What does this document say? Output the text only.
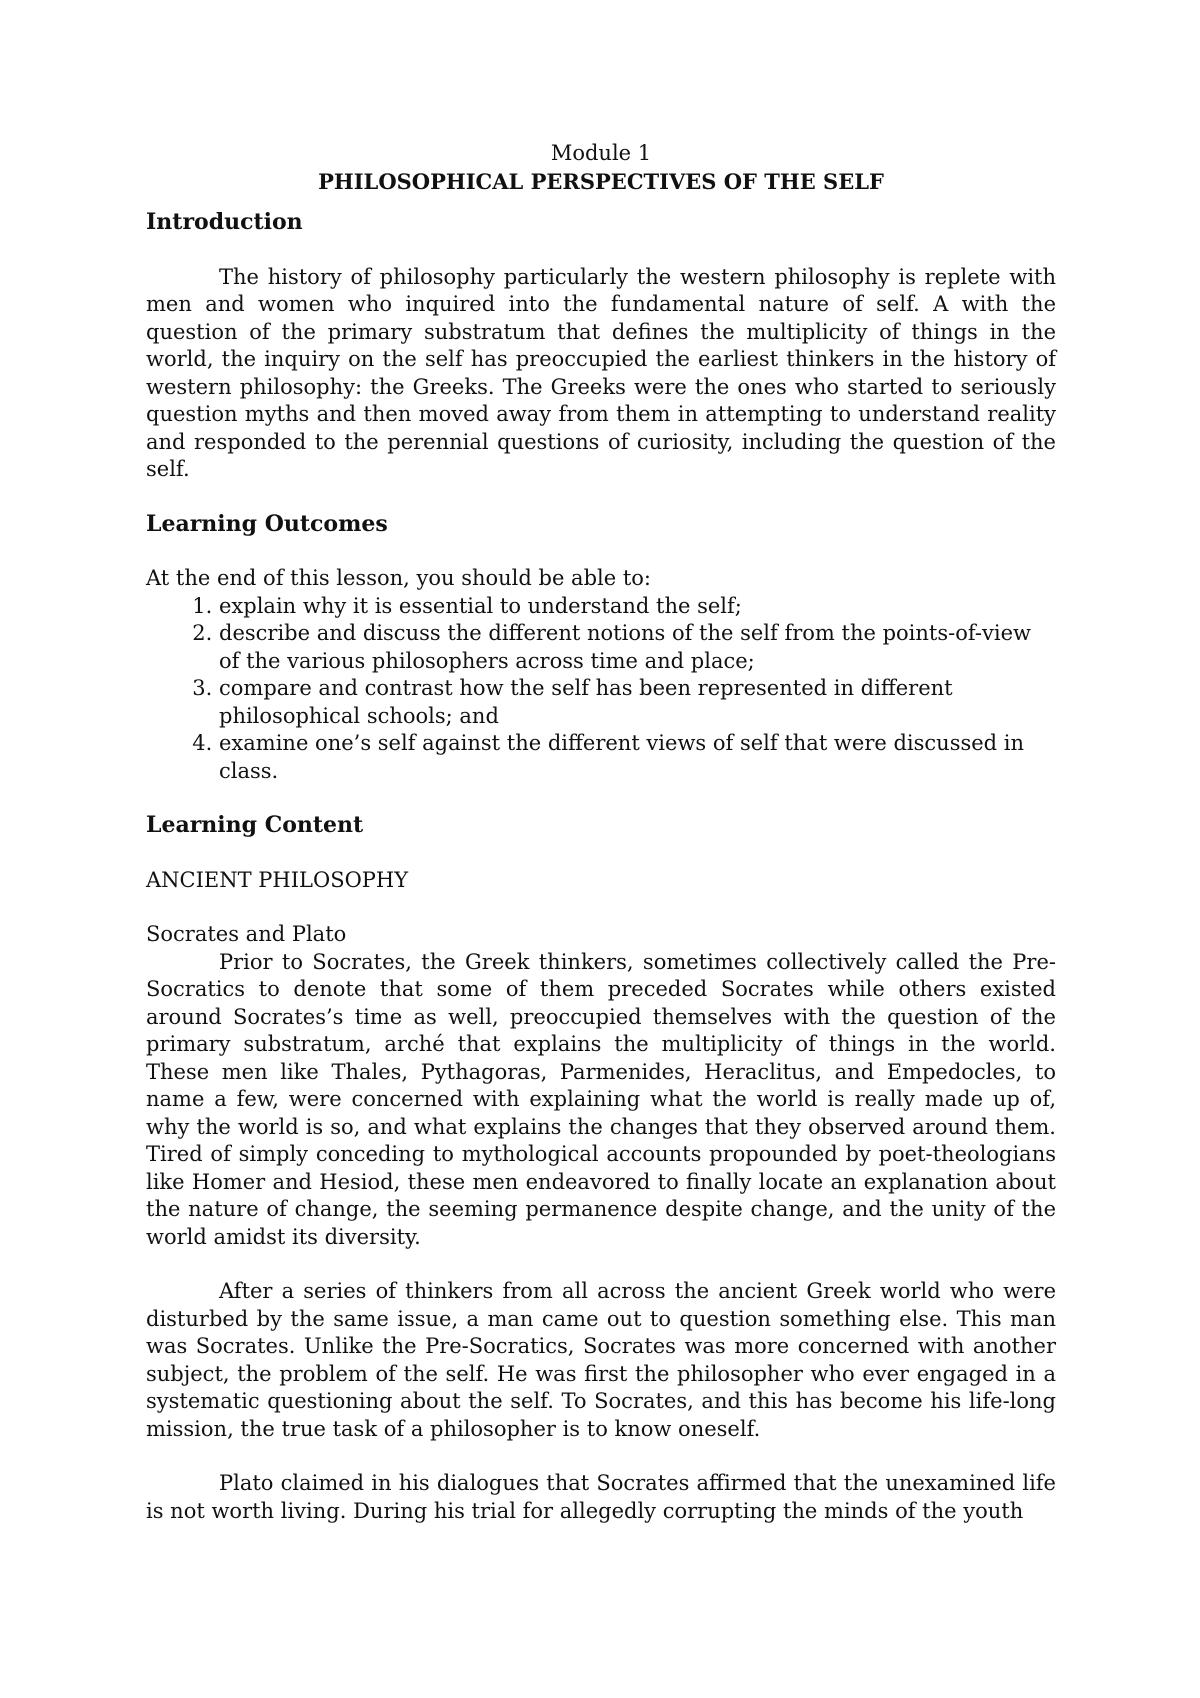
Module 1
PHILOSOPHICAL PERSPECTIVES OF THE SELF
Introduction

The history of philosophy particularly the western philosophy is replete with men and women who inquired into the fundamental nature of self. A with the question of the primary substratum that defines the multiplicity of things in the world, the inquiry on the self has preoccupied the earliest thinkers in the history of western philosophy: the Greeks. The Greeks were the ones who started to seriously question myths and then moved away from them in attempting to understand reality and responded to the perennial questions of curiosity, including the question of the self.

Learning Outcomes
At the end of this lesson, you should be able to:
1. explain why it is essential to understand the self;
2. describe and discuss the different notions of the self from the points-of-view of the various philosophers across time and place;
3. compare and contrast how the self has been represented in different philosophical schools; and
4. examine one’s self against the different views of self that were discussed in class.
Learning Content
ANCIENT PHILOSOPHY
Socrates and Plato

Prior to Socrates, the Greek thinkers, sometimes collectively called the Pre-Socratics to denote that some of them preceded Socrates while others existed around Socrates’s time as well, preoccupied themselves with the question of the primary substratum, arché that explains the multiplicity of things in the world. These men like Thales, Pythagoras, Parmenides, Heraclitus, and Empedocles, to name a few, were concerned with explaining what the world is really made up of, why the world is so, and what explains the changes that they observed around them. Tired of simply conceding to mythological accounts propounded by poet-theologians like Homer and Hesiod, these men endeavored to finally locate an explanation about the nature of change, the seeming permanence despite change, and the unity of the world amidst its diversity.

After a series of thinkers from all across the ancient Greek world who were disturbed by the same issue, a man came out to question something else. This man was Socrates. Unlike the Pre-Socratics, Socrates was more concerned with another subject, the problem of the self. He was first the philosopher who ever engaged in a systematic questioning about the self. To Socrates, and this has become his life-long mission, the true task of a philosopher is to know oneself.

Plato claimed in his dialogues that Socrates affirmed that the unexamined life is not worth living. During his trial for allegedly corrupting the minds of the youth
